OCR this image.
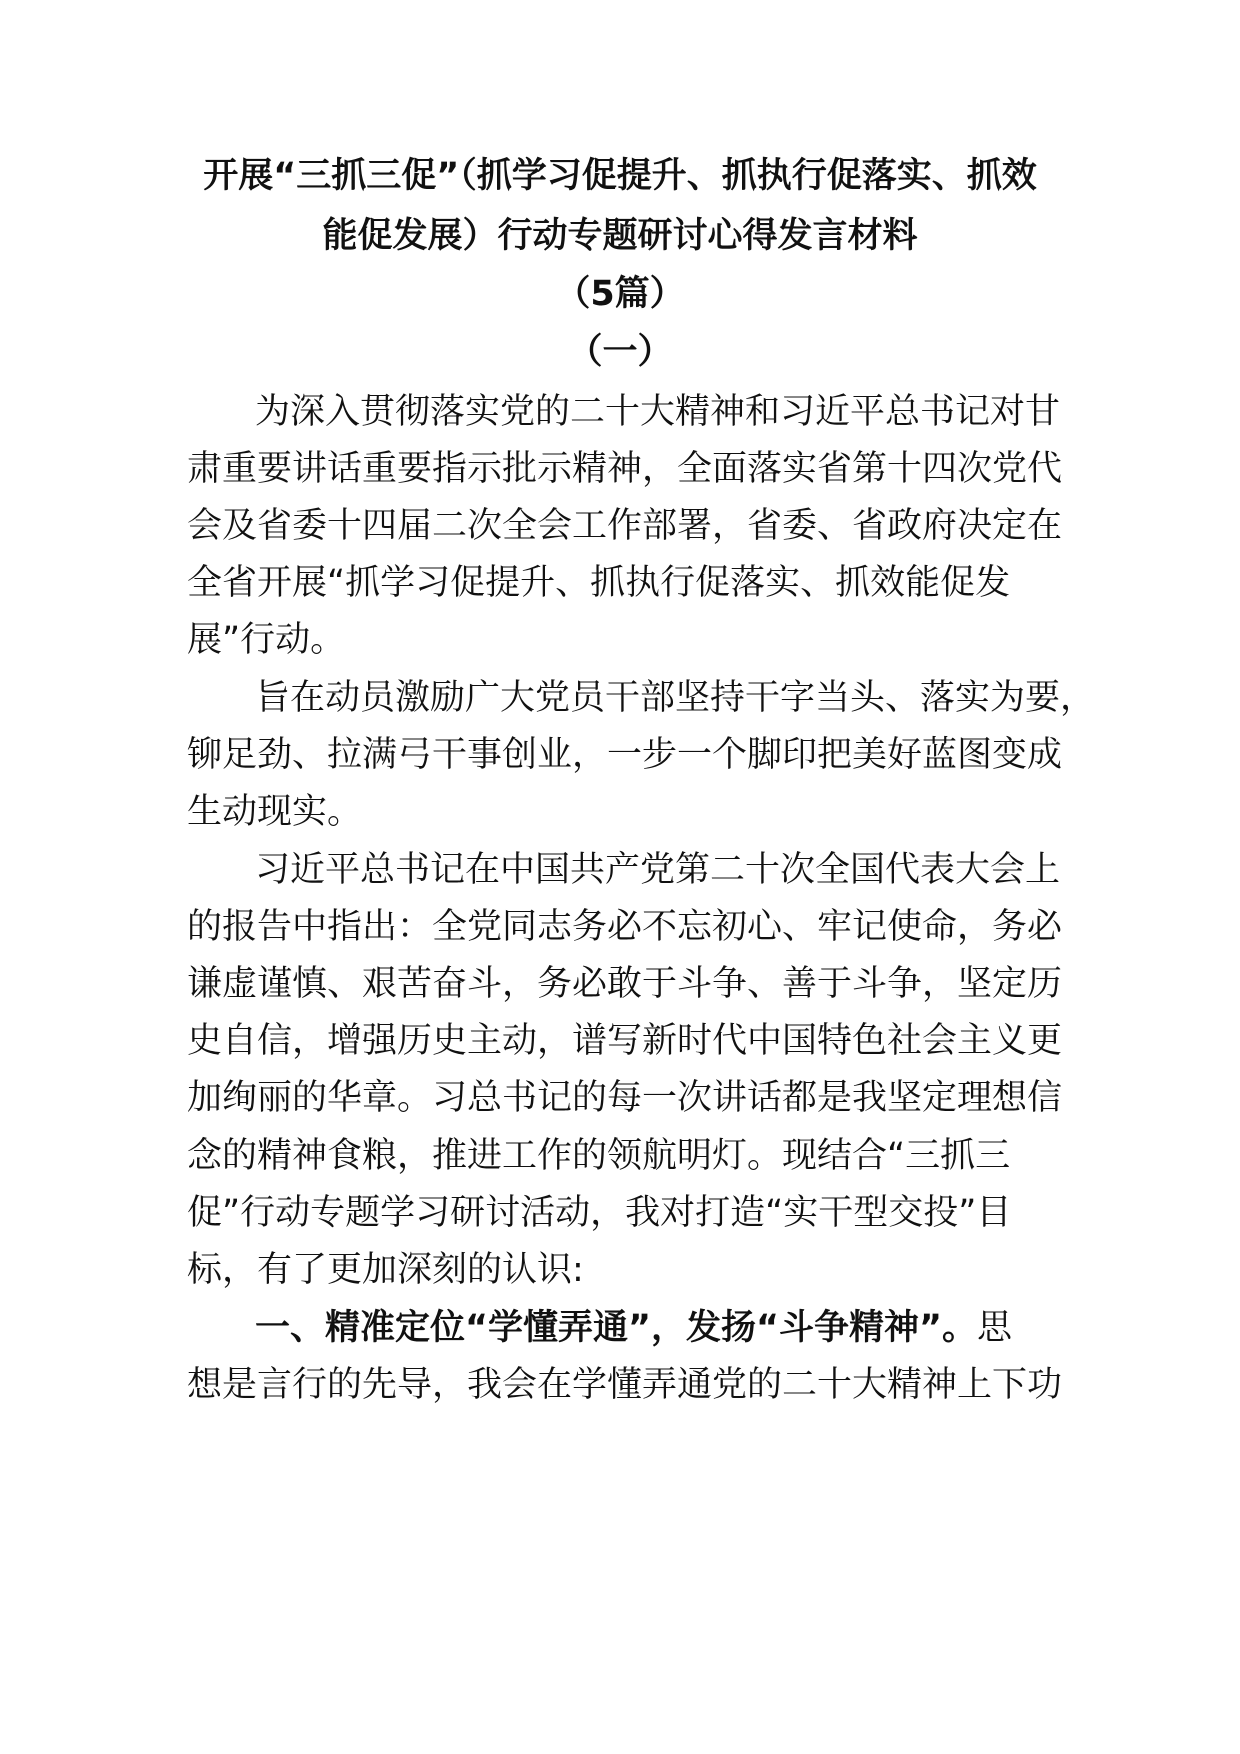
开展“三抓三促”（抓学习促提升、抓执行促落实、抓效
能促发展）行动专题研讨心得发言材料
（5篇）
（一）
为深入贯彻落实党的二十大精神和习近平总书记对甘
肃重要讲话重要指示批示精神，全面落实省第十四次党代
会及省委十四届二次全会工作部署，省委、省政府决定在
全省开展“抓学习促提升、抓执行促落实、抓效能促发
展”行动。
旨在动员激励广大党员干部坚持干字当头、落实为要，
铆足劲、拉满弓干事创业，一步一个脚印把美好蓝图变成
生动现实。
习近平总书记在中国共产党第二十次全国代表大会上
的报告中指出：全党同志务必不忘初心、牢记使命，务必
谦虚谨慎、艰苦奋斗，务必敢于斗争、善于斗争，坚定历
史自信，增强历史主动，谱写新时代中国特色社会主义更
加绚丽的华章。习总书记的每一次讲话都是我坚定理想信
念的精神食粮，推进工作的领航明灯。现结合“三抓三
促”行动专题学习研讨活动，我对打造“实干型交投”目
标，有了更加深刻的认识:
一、精准定位“学懂弄通”，发扬“斗争精神”。思
想是言行的先导，我会在学懂弄通党的二十大精神上下功
